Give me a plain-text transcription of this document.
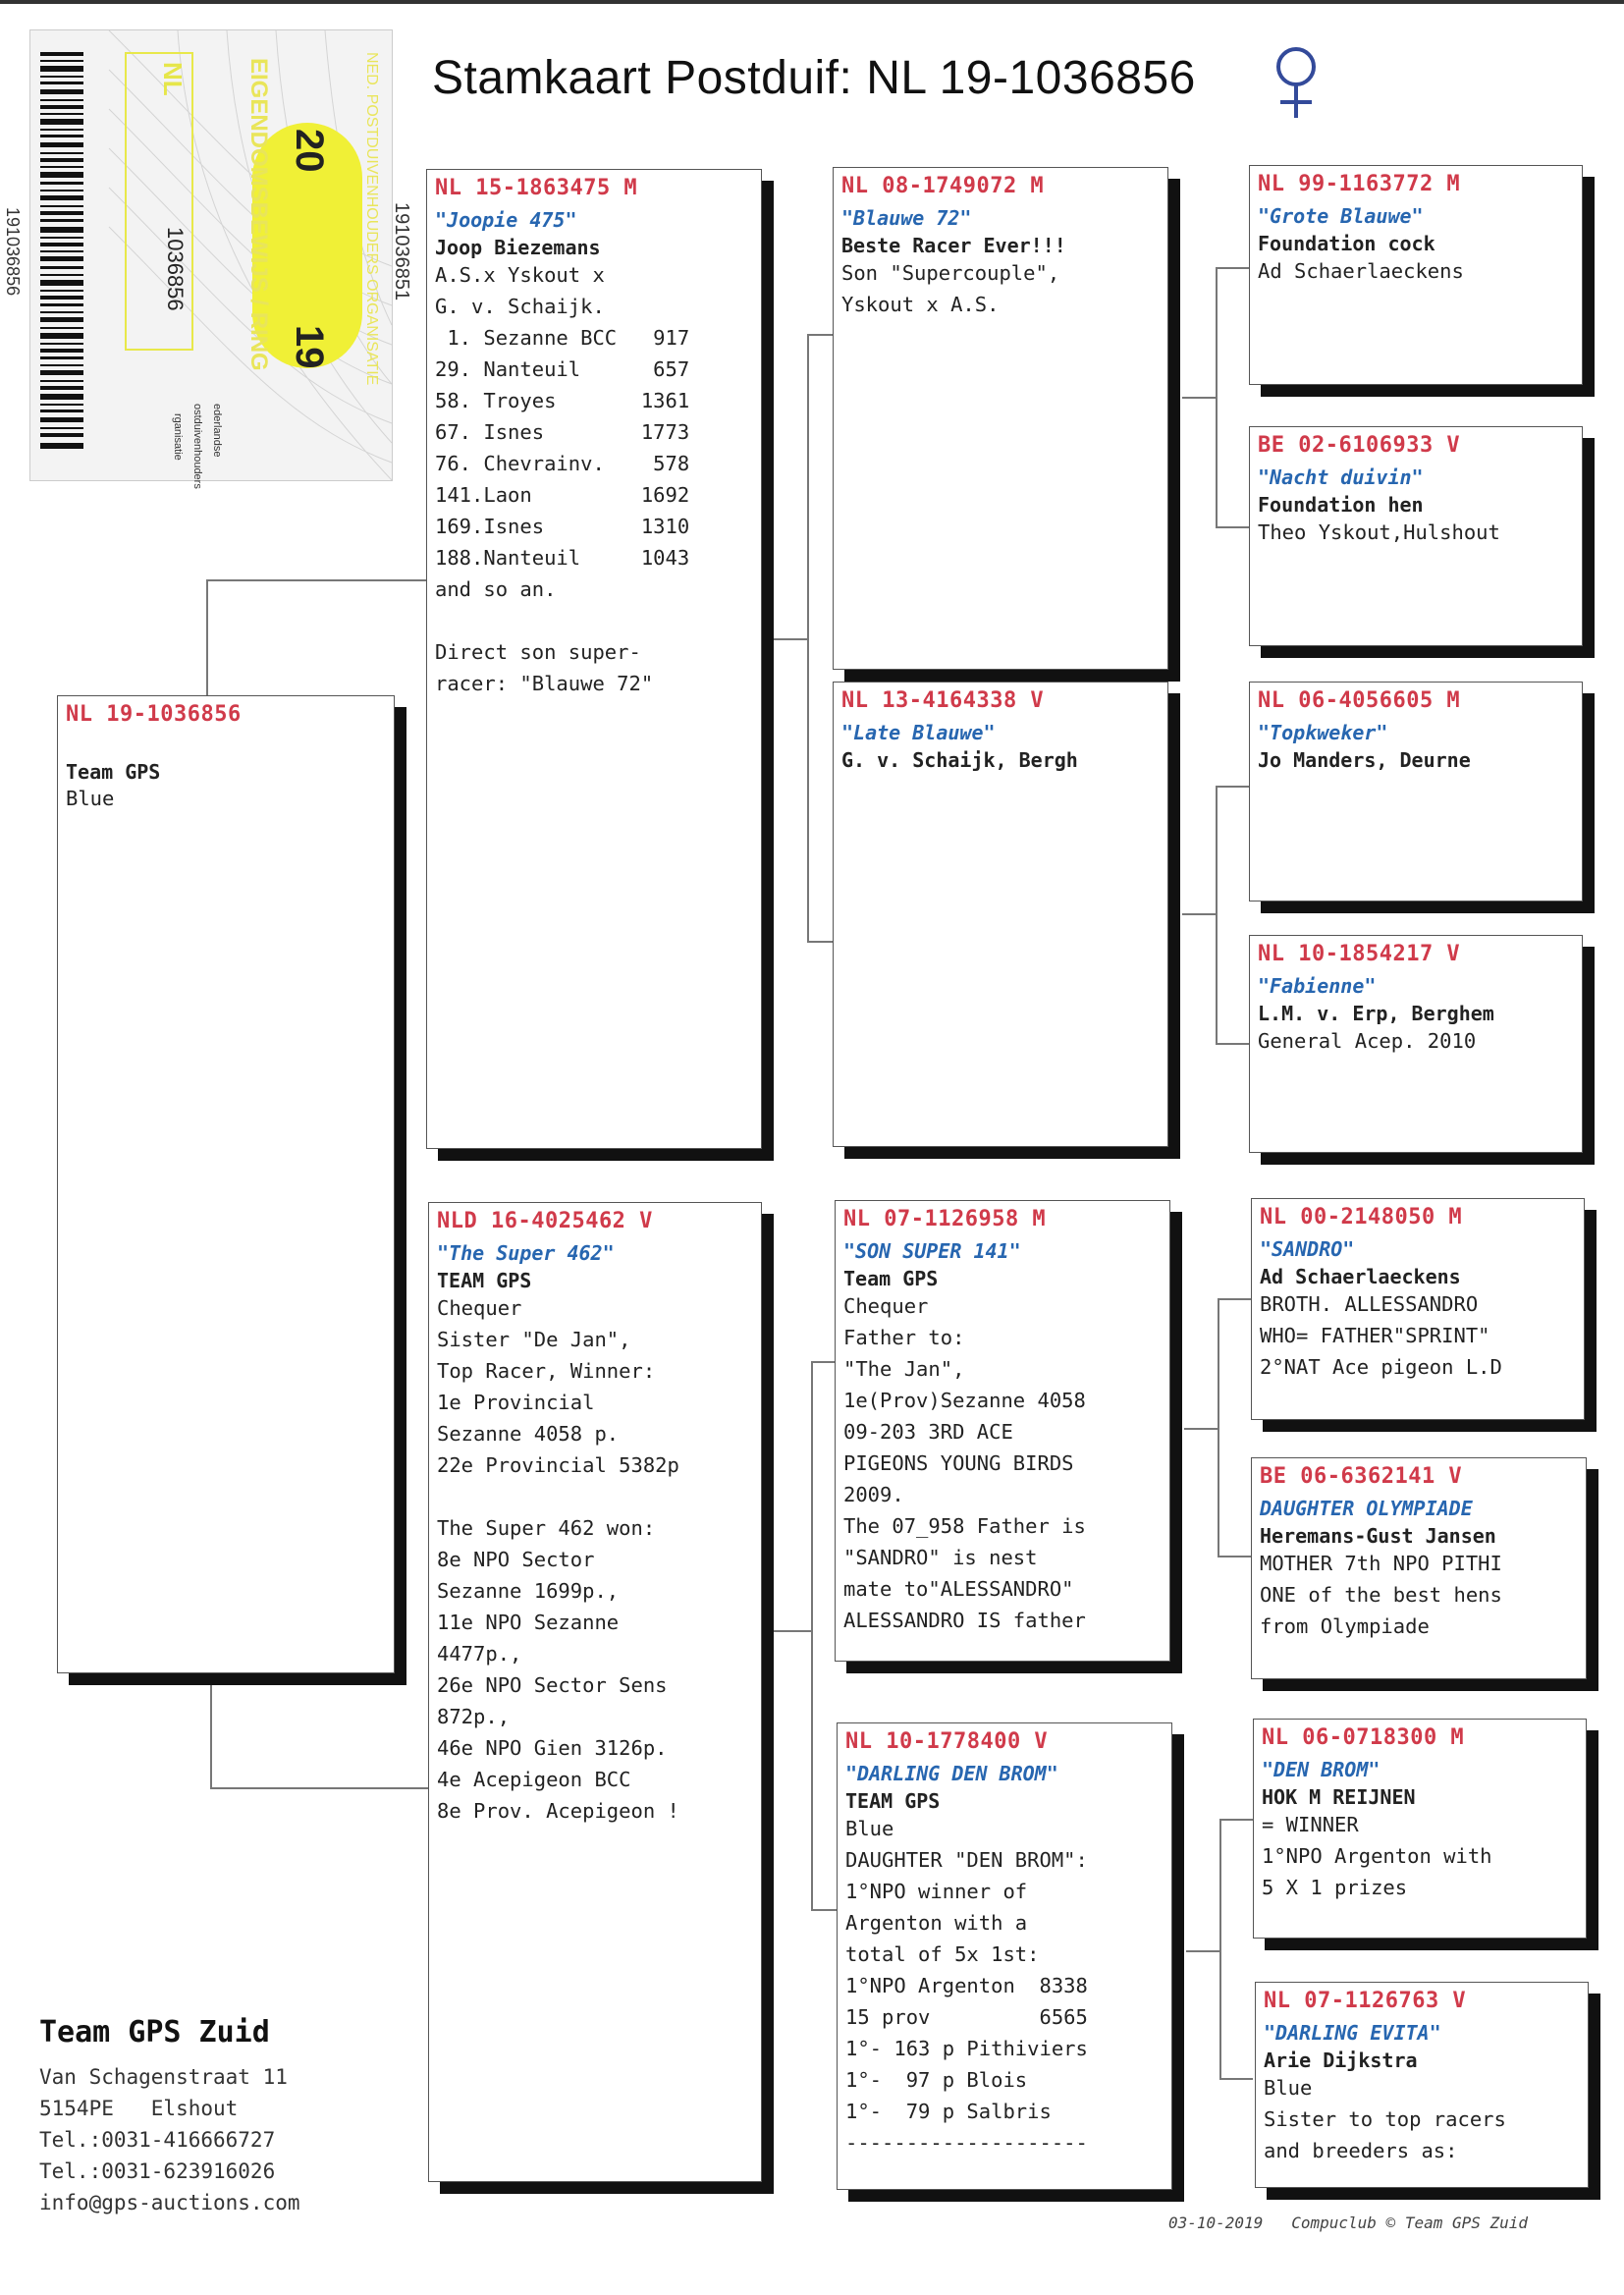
191036856
NL
1036856
20
19
EIGENDOMSBEWIJS / RING	NED. POSTDUIVENHOUDERS ORGANISATIE
ederlandse
ostduivenhouders
rganisatie
191036851
Stamkaart Postduif: NL 19-1036856
NL 19-1036856
Team GPS
Blue
NL 15-1863475 M
"Joopie 475"
Joop Biezemans
A.S.x Yskout x
G. v. Schaijk.
1. Sezanne BCC   917
29. Nanteuil      657
58. Troyes       1361
67. Isnes        1773
76. Chevrainv.    578
141.Laon         1692
169.Isnes        1310
188.Nanteuil     1043
and so an.
Direct son super-
racer: "Blauwe 72"
NLD 16-4025462 V
"The Super 462"
TEAM GPS
Chequer
Sister "De Jan",
Top Racer, Winner:
1e Provincial
Sezanne 4058 p.
22e Provincial 5382p
The Super 462 won:
8e NPO Sector
Sezanne 1699p.,
11e NPO Sezanne
4477p.,
26e NPO Sector Sens
872p.,
46e NPO Gien 3126p.
4e Acepigeon BCC
8e Prov. Acepigeon !
NL 08-1749072 M
"Blauwe 72"
Beste Racer Ever!!!
Son "Supercouple",
Yskout x A.S.
NL 13-4164338 V
"Late Blauwe"
G. v. Schaijk, Bergh
NL 07-1126958 M
"SON SUPER 141"
Team GPS
Chequer
Father to:
"The Jan",
1e(Prov)Sezanne 4058
09-203 3RD ACE
PIGEONS YOUNG BIRDS
2009.
The 07_958 Father is
"SANDRO" is nest
mate to"ALESSANDRO"
ALESSANDRO IS father
NL 10-1778400 V
"DARLING DEN BROM"
TEAM GPS
Blue
DAUGHTER "DEN BROM":
1°NPO winner of
Argenton with a
total of 5x 1st:
1°NPO Argenton  8338
15 prov         6565
1°- 163 p Pithiviers
1°-  97 p Blois
1°-  79 p Salbris
--------------------
NL 99-1163772 M
"Grote Blauwe"
Foundation cock
Ad Schaerlaeckens
BE 02-6106933 V
"Nacht duivin"
Foundation hen
Theo Yskout,Hulshout
NL 06-4056605 M
"Topkweker"
Jo Manders, Deurne
NL 10-1854217 V
"Fabienne"
L.M. v. Erp, Berghem
General Acep. 2010
NL 00-2148050 M
"SANDRO"
Ad Schaerlaeckens
BROTH. ALLESSANDRO
WHO= FATHER"SPRINT"
2°NAT Ace pigeon L.D
BE 06-6362141 V
DAUGHTER OLYMPIADE
Heremans-Gust Jansen
MOTHER 7th NPO PITHI
ONE of the best hens
from Olympiade
NL 06-0718300 M
"DEN BROM"
HOK M REIJNEN
= WINNER
1°NPO Argenton with
5 X 1 prizes
NL 07-1126763 V
"DARLING EVITA"
Arie Dijkstra
Blue
Sister to top racers
and breeders as:
Team GPS Zuid
Van Schagenstraat 11
5154PE   Elshout
Tel.:0031-416666727
Tel.:0031-623916026
info@gps-auctions.com
03-10-2019   Compuclub © Team GPS Zuid
